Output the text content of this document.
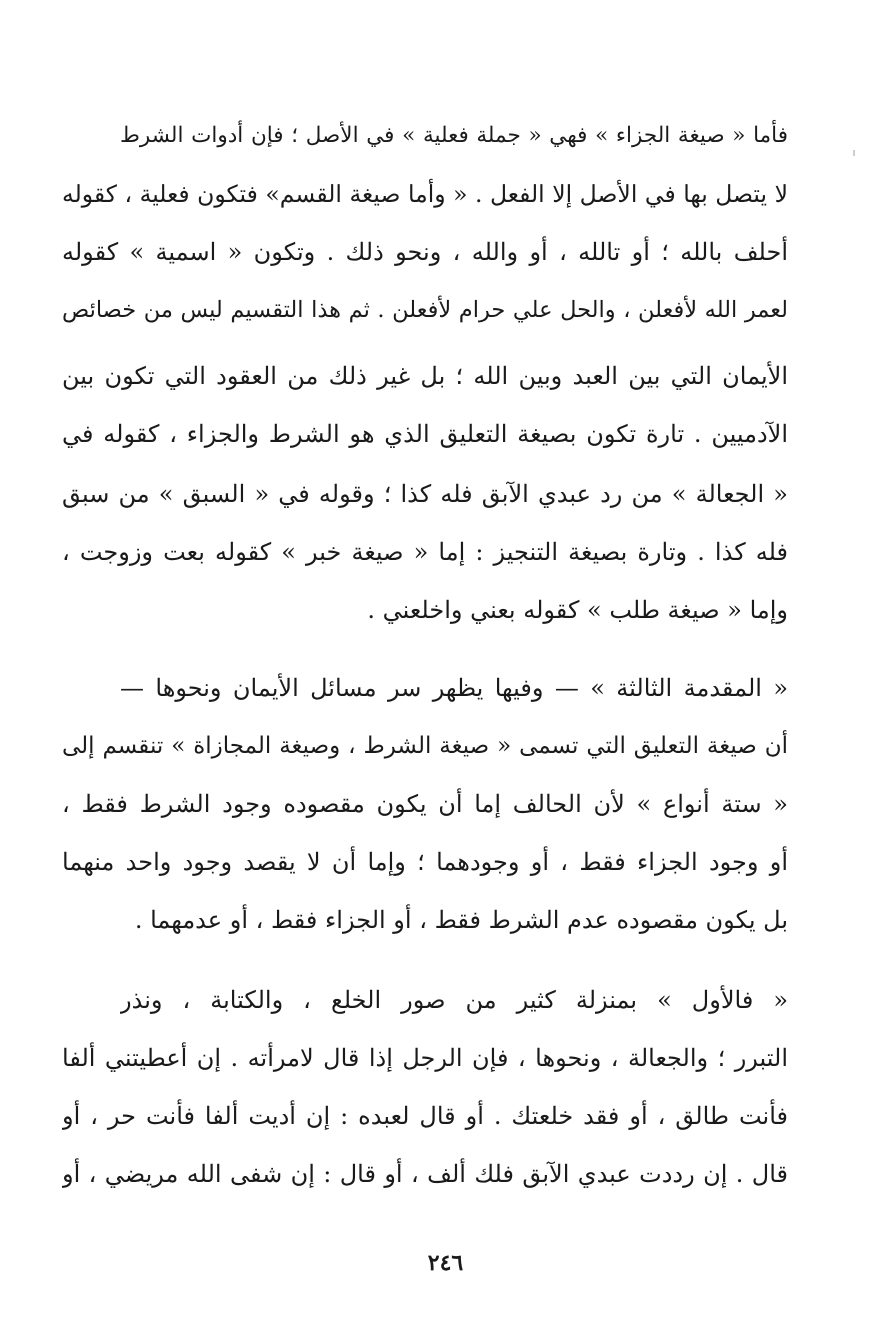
فأما « صيغة الجزاء » فهي « جملة فعلية » في الأصل ؛ فإن أدوات الشرط
لا يتصل بها في الأصل إلا الفعل . « وأما صيغة القسم» فتكون فعلية ، كقوله
أحلف بالله ؛ أو تالله ، أو والله ، ونحو ذلك . وتكون « اسمية » كقوله
لعمر الله لأفعلن ، والحل علي حرام لأفعلن . ثم هذا التقسيم ليس من خصائص
الأيمان التي بين العبد وبين الله ؛ بل غير ذلك من العقود التي تكون بين
الآدميين . تارة تكون بصيغة التعليق الذي هو الشرط والجزاء ، كقوله في
« الجعالة » من رد عبدي الآبق فله كذا ؛ وقوله في « السبق » من سبق
فله كذا . وتارة بصيغة التنجيز : إما « صيغة خبر » كقوله بعت وزوجت ،
وإما « صيغة طلب » كقوله بعني واخلعني .
« المقدمة الثالثة » — وفيها يظهر سر مسائل الأيمان ونحوها —
أن صيغة التعليق التي تسمى « صيغة الشرط ، وصيغة المجازاة » تنقسم إلى
« ستة أنواع » لأن الحالف إما أن يكون مقصوده وجود الشرط فقط ،
أو وجود الجزاء فقط ، أو وجودهما ؛ وإما أن لا يقصد وجود واحد منهما
بل يكون مقصوده عدم الشرط فقط ، أو الجزاء فقط ، أو عدمهما .
« فالأول » بمنزلة كثير من صور الخلع ، والكتابة ، ونذر
التبرر ؛ والجعالة ، ونحوها ، فإن الرجل إذا قال لامرأته . إن أعطيتني ألفا
فأنت طالق ، أو فقد خلعتك . أو قال لعبده : إن أديت ألفا فأنت حر ، أو
قال . إن رددت عبدي الآبق فلك ألف ، أو قال : إن شفى الله مريضي ، أو
٢٤٦
